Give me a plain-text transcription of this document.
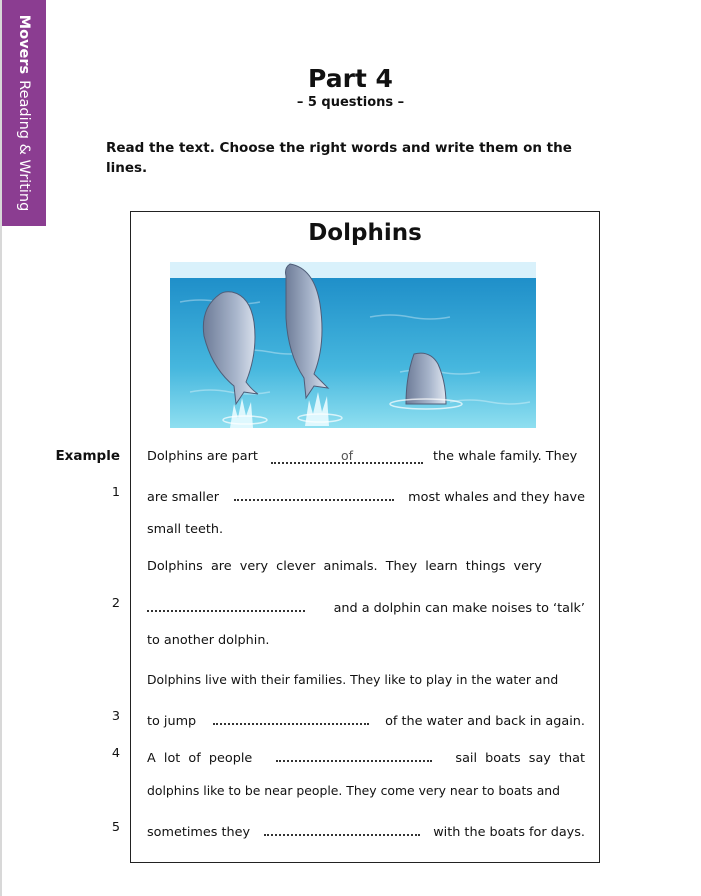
MoversReading & Writing
Part 4
– 5 questions –
Read the text. Choose the right words and write them on the lines.
Dolphins
Example Dolphins are part	of	the whale family. They
1 are smaller	most whales and they have
small teeth.
Dolphins  are  very  clever  animals.  They  learn  things  very
2	and a dolphin can make noises to ‘talk’
to another dolphin.
Dolphins live with their families. They like to play in the water and
3 to jump	of the water and back in again.
4 A  lot  of  people	sail  boats  say  that
dolphins like to be near people. They come very near to boats and
5 sometimes they	with the boats for days.
